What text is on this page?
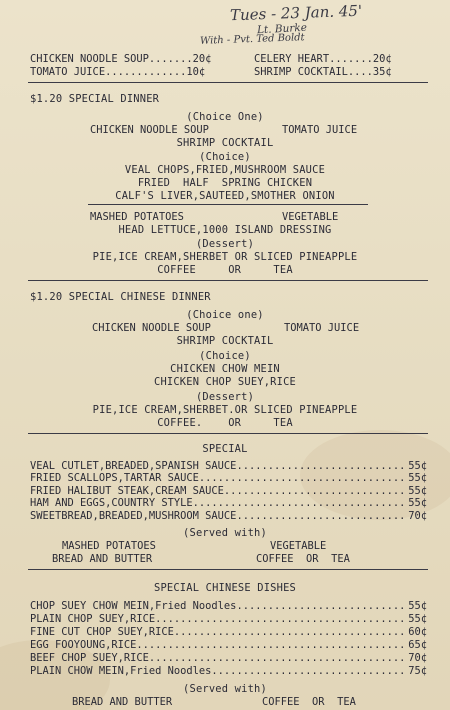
Tues - 23 Jan. 45'
Lt. Burke
With - Pvt. Ted Boldt
CHICKEN NOODLE SOUP.......20¢	CELERY HEART.......20¢
TOMATO JUICE.............10¢	SHRIMP COCKTAIL....35¢
$1.20 SPECIAL DINNER
(Choice One)
CHICKEN NOODLE SOUP	TOMATO JUICE
SHRIMP COCKTAIL
(Choice)
VEAL CHOPS,FRIED,MUSHROOM SAUCE
FRIED  HALF  SPRING CHICKEN
CALF'S LIVER,SAUTEED,SMOTHER ONION
MASHED POTATOES	VEGETABLE
HEAD LETTUCE,1000 ISLAND DRESSING
(Dessert)
PIE,ICE CREAM,SHERBET OR SLICED PINEAPPLE
COFFEE     OR     TEA
$1.20 SPECIAL CHINESE DINNER
(Choice one)
CHICKEN NOODLE SOUP	TOMATO JUICE
SHRIMP COCKTAIL
(Choice)
CHICKEN CHOW MEIN
CHICKEN CHOP SUEY,RICE
(Dessert)
PIE,ICE CREAM,SHERBET.OR SLICED PINEAPPLE
COFFEE.    OR     TEA
SPECIAL
VEAL CUTLET,BREADED,SPANISH SAUCE........................... 55¢
FRIED SCALLOPS,TARTAR SAUCE................................. 55¢
FRIED HALIBUT STEAK,CREAM SAUCE............................. 55¢
HAM AND EGGS,COUNTRY STYLE.................................. 55¢
SWEETBREAD,BREADED,MUSHROOM SAUCE........................... 70¢
(Served with)
MASHED POTATOES	VEGETABLE
BREAD AND BUTTER	COFFEE  OR  TEA
SPECIAL CHINESE DISHES
CHOP SUEY CHOW MEIN,Fried Noodles........................... 55¢
PLAIN CHOP SUEY,RICE........................................ 55¢
FINE CUT CHOP SUEY,RICE..................................... 60¢
EGG FOOYOUNG,RICE........................................... 65¢
BEEF CHOP SUEY,RICE......................................... 70¢
PLAIN CHOW MEIN,Fried Noodles............................... 75¢
(Served with)
BREAD AND BUTTER	COFFEE  OR  TEA
